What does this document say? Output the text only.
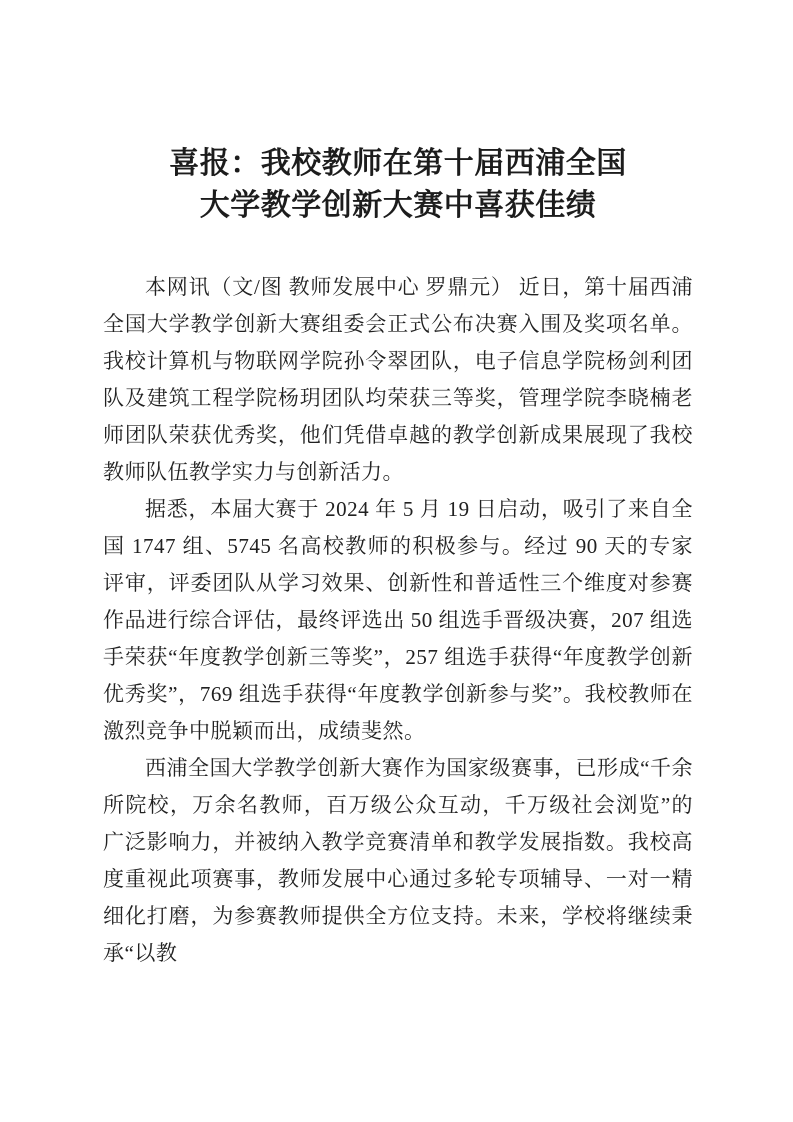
喜报：我校教师在第十届西浦全国
大学教学创新大赛中喜获佳绩

本网讯（文/图 教师发展中心 罗鼎元） 近日，第十届西浦全国大学教学创新大赛组委会正式公布决赛入围及奖项名单。我校计算机与物联网学院孙令翠团队，电子信息学院杨剑利团队及建筑工程学院杨玥团队均荣获三等奖，管理学院李晓楠老师团队荣获优秀奖，他们凭借卓越的教学创新成果展现了我校教师队伍教学实力与创新活力。

据悉，本届大赛于 2024 年 5 月 19 日启动，吸引了来自全国 1747 组、5745 名高校教师的积极参与。经过 90 天的专家评审，评委团队从学习效果、创新性和普适性三个维度对参赛作品进行综合评估，最终评选出 50 组选手晋级决赛，207 组选手荣获“年度教学创新三等奖”，257 组选手获得“年度教学创新优秀奖”，769 组选手获得“年度教学创新参与奖”。我校教师在激烈竞争中脱颖而出，成绩斐然。

西浦全国大学教学创新大赛作为国家级赛事，已形成“千余所院校，万余名教师，百万级公众互动，千万级社会浏览”的广泛影响力，并被纳入教学竞赛清单和教学发展指数。我校高度重视此项赛事，教师发展中心通过多轮专项辅导、一对一精细化打磨，为参赛教师提供全方位支持。未来，学校将继续秉承“以教
